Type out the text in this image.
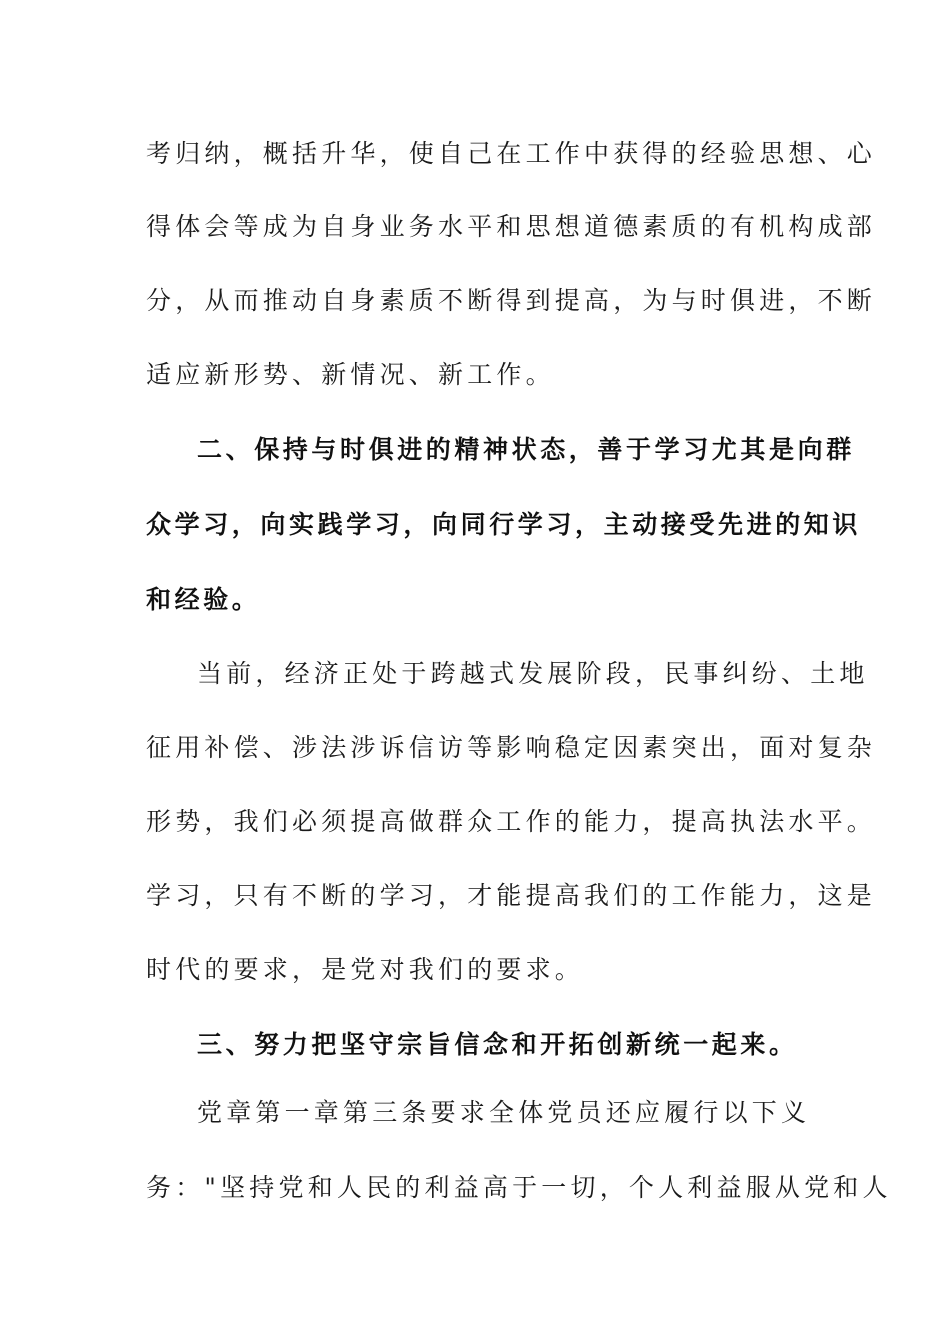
考归纳，概括升华，使自己在工作中获得的经验思想、心
得体会等成为自身业务水平和思想道德素质的有机构成部
分，从而推动自身素质不断得到提高，为与时俱进，不断
适应新形势、新情况、新工作。
二、保持与时俱进的精神状态，善于学习尤其是向群
众学习，向实践学习，向同行学习，主动接受先进的知识
和经验。
当前，经济正处于跨越式发展阶段，民事纠纷、土地
征用补偿、涉法涉诉信访等影响稳定因素突出，面对复杂
形势，我们必须提高做群众工作的能力，提高执法水平。
学习，只有不断的学习，才能提高我们的工作能力，这是
时代的要求，是党对我们的要求。
三、努力把坚守宗旨信念和开拓创新统一起来。
党章第一章第三条要求全体党员还应履行以下义
务："坚持党和人民的利益高于一切，个人利益服从党和人
